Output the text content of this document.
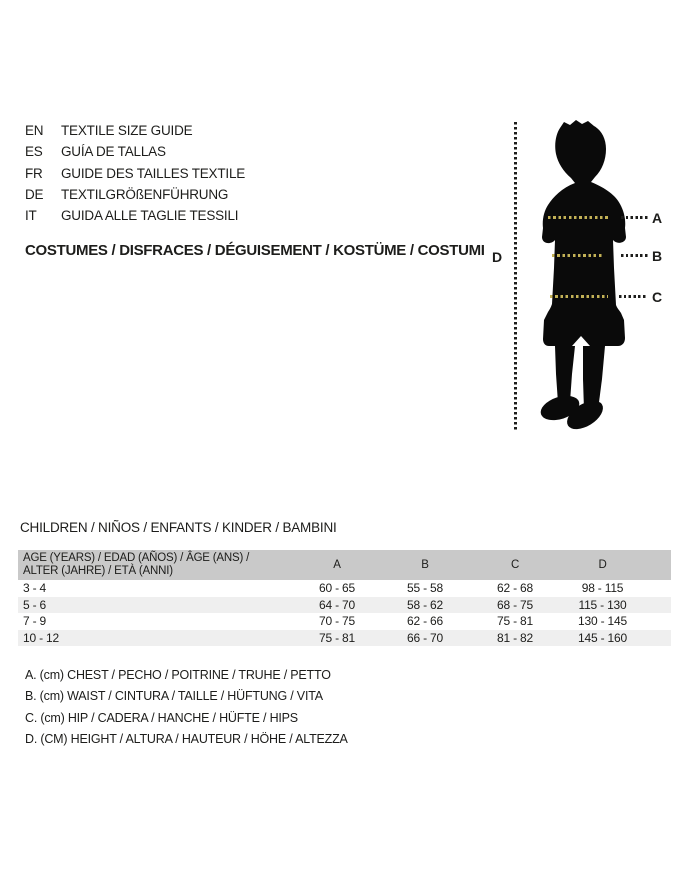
EN	TEXTILE SIZE GUIDE
ES	GUÍA DE TALLAS
FR	GUIDE DES TAILLES TEXTILE
DE	TEXTILGRÖßENFÜHRUNG
IT	GUIDA ALLE TAGLIE TESSILI
COSTUMES / DISFRACES / DÉGUISEMENT / KOSTÜME / COSTUMI D
A
B
C
CHILDREN / NIÑOS / ENFANTS / KINDER / BAMBINI
AGE (YEARS) / EDAD (AÑOS) / ÂGE (ANS) /
ALTER (JAHRE) / ETÀ (ANNI)	A	B	C	D
3 - 4	60 - 65	55 - 58	62 - 68	98 - 115
5 - 6	64 - 70	58 - 62	68 - 75	115 - 130
7 - 9	70 - 75	62 - 66	75 - 81	130 - 145
10 - 12	75 - 81	66 - 70	81 - 82	145 - 160
A. (cm) CHEST / PECHO / POITRINE / TRUHE / PETTO
B. (cm) WAIST / CINTURA / TAILLE / HÜFTUNG / VITA
C. (cm) HIP / CADERA / HANCHE / HÜFTE / HIPS
D. (CM) HEIGHT / ALTURA / HAUTEUR / HÖHE / ALTEZZA
